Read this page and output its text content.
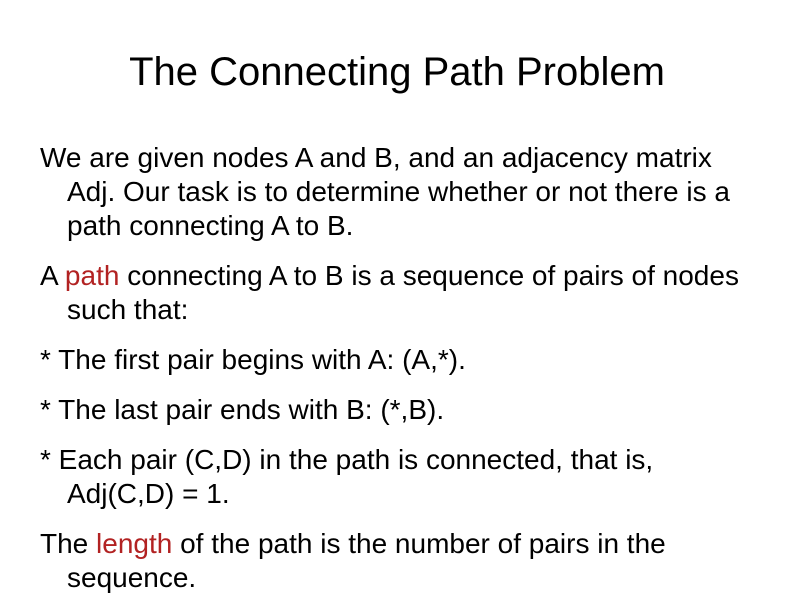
The Connecting Path Problem

We are given nodes A and B, and an adjacency matrix Adj. Our task is to determine whether or not there is a path connecting A to B.

A path connecting A to B is a sequence of pairs of nodes such that:

* The first pair begins with A: (A,*).

* The last pair ends with B: (*,B).

* Each pair (C,D) in the path is connected, that is, Adj(C,D) = 1.

The length of the path is the number of pairs in the sequence.
